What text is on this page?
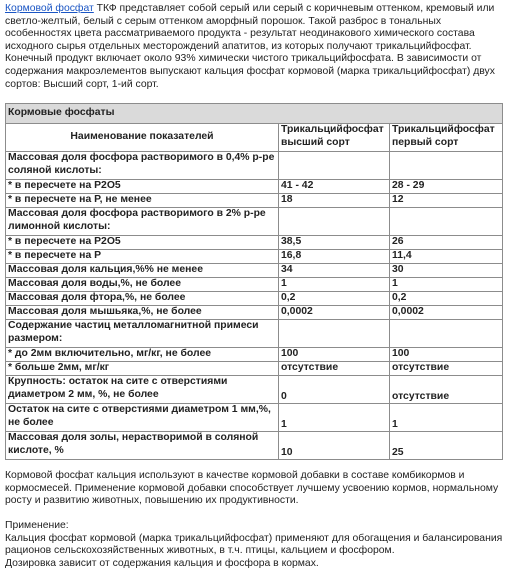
Кормовой фосфат ТКФ представляет собой серый или серый с коричневым оттенком, кремовый или светло-желтый, белый с серым оттенком аморфный порошок. Такой разброс в тональных особенностях цвета рассматриваемого продукта - результат неодинакового химического состава исходного сырья отдельных месторождений апатитов, из которых получают трикальцийфосфат. Конечный продукт включает около 93% химически чистого трикальцийфосфата. В зависимости от содержания макроэлементов выпускают кальция фосфат кормовой (марка трикальцийфосфат) двух сортов: Высший сорт, 1-ий сорт.

Кормовые фосфаты		
Наименование показателей	Трикальцийфосфат высший сорт	Трикальцийфосфат первый сорт
Массовая доля фосфора растворимого в 0,4% р-ре соляной кислоты:		
* в пересчете на Р2О5	41 - 42	28 - 29
* в пересчете на Р, не менее	18	12
Массовая доля фосфора растворимого в 2% р-ре лимонной кислоты:		
* в пересчете на Р2О5	38,5	26
* в пересчете на Р	16,8	11,4
Массовая доля кальция,%% не менее	34	30
Массовая доля воды,%, не более	1	1
Массовая доля фтора,%, не более	0,2	0,2
Массовая доля мышьяка,%, не более	0,0002	0,0002
Содержание частиц металломагнитной примеси размером:		
* до 2мм включительно, мг/кг, не более	100	100
* больше 2мм, мг/кг	отсутствие	отсутствие
Крупность: остаток на сите с отверстиями диаметром 2 мм, %, не более	0	отсутствие
Остаток на сите с отверстиями диаметром 1 мм,%, не более	1	1
Массовая доля золы, нерастворимой в соляной кислоте, %	10	25

Кормовой фосфат кальция используют в качестве кормовой добавки в составе комбикормов и кормосмесей. Применение кормовой добавки способствует лучшему усвоению кормов, нормальному росту и развитию животных, повышению их продуктивности.

Применение:

Кальция фосфат кормовой (марка трикальцийфосфат) применяют для обогащения и балансирования рационов сельскохозяйственных животных, в т.ч. птицы, кальцием и фосфором.

Дозировка зависит от содержания кальция и фосфора в кормах.
